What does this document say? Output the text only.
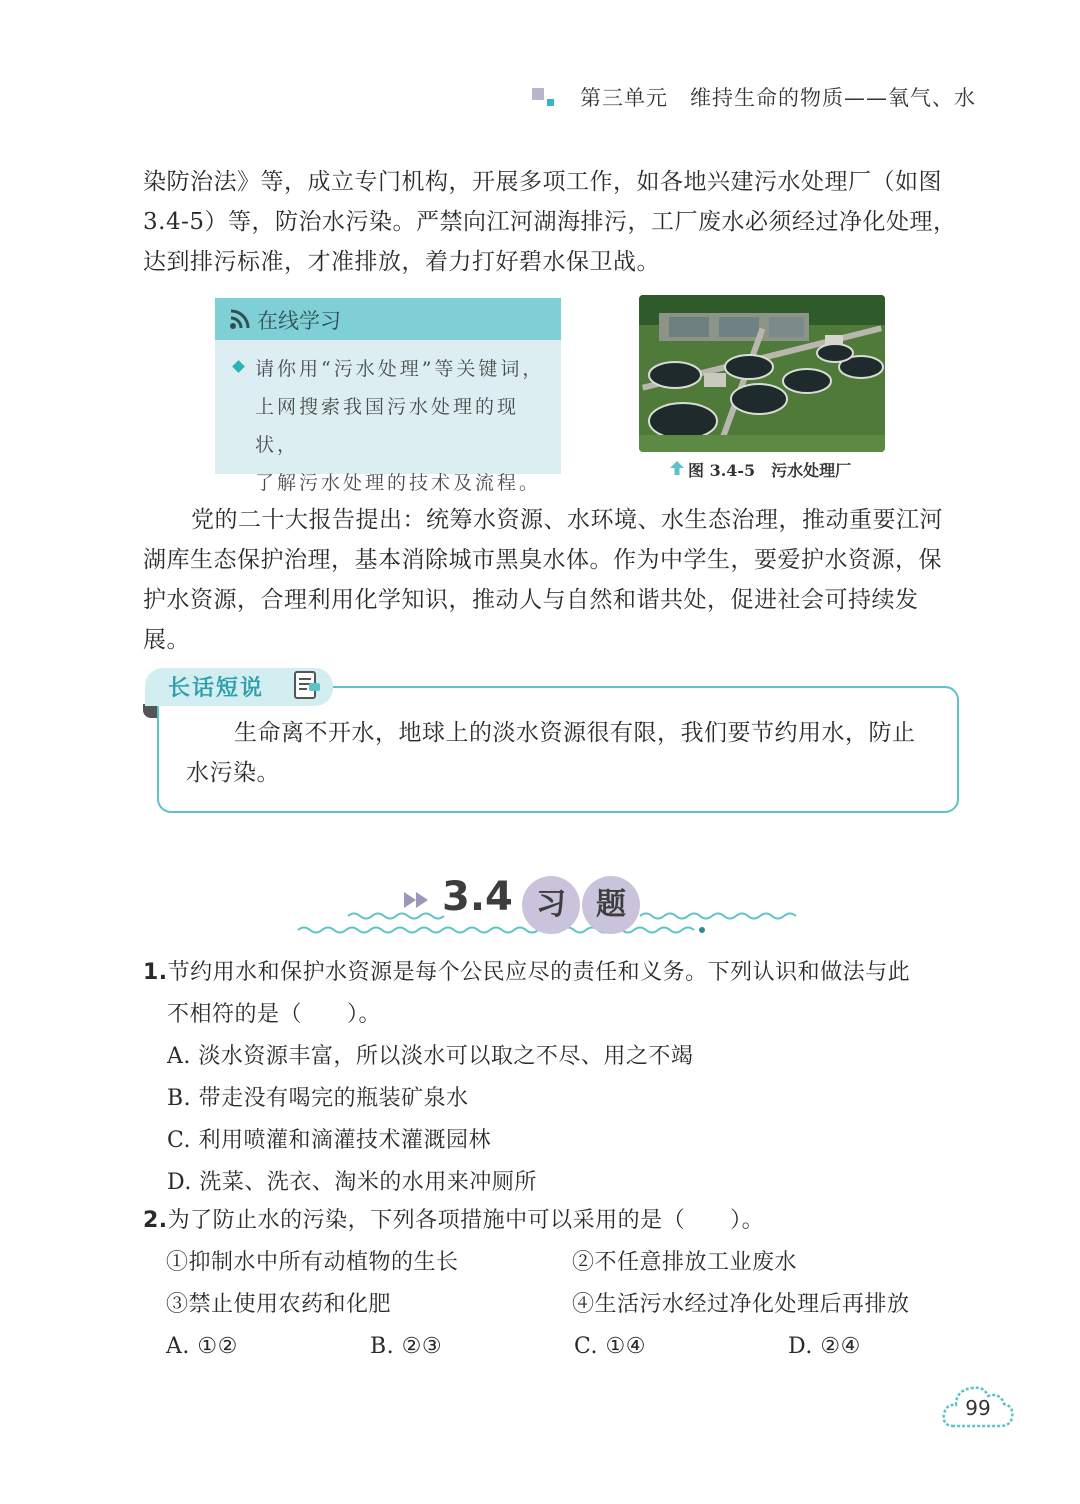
第三单元　维持生命的物质——氧气、水
染防治法》等，成立专门机构，开展多项工作，如各地兴建污水处理厂（如图3.4-5）等，防治水污染。严禁向江河湖海排污，工厂废水必须经过净化处理，达到排污标准，才准排放，着力打好碧水保卫战。
在线学习
请你用“污水处理”等关键词，
上网搜索我国污水处理的现状，
了解污水处理的技术及流程。
图 3.4-5　污水处理厂
党的二十大报告提出：统筹水资源、水环境、水生态治理，推动重要江河湖库生态保护治理，基本消除城市黑臭水体。作为中学生，要爱护水资源，保护水资源，合理利用化学知识，推动人与自然和谐共处，促进社会可持续发展。
长话短说
生命离不开水，地球上的淡水资源很有限，我们要节约用水，防止
水污染。
3.4 习	题
1.节约用水和保护水资源是每个公民应尽的责任和义务。下列认识和做法与此
不相符的是（　　）。
A. 淡水资源丰富，所以淡水可以取之不尽、用之不竭
B. 带走没有喝完的瓶装矿泉水
C. 利用喷灌和滴灌技术灌溉园林
D. 洗菜、洗衣、淘米的水用来冲厕所
2.为了防止水的污染，下列各项措施中可以采用的是（　　）。
①抑制水中所有动植物的生长	②不任意排放工业废水
③禁止使用农药和化肥	④生活污水经过净化处理后再排放
A. ①②	B. ②③	C. ①④	D. ②④
99
